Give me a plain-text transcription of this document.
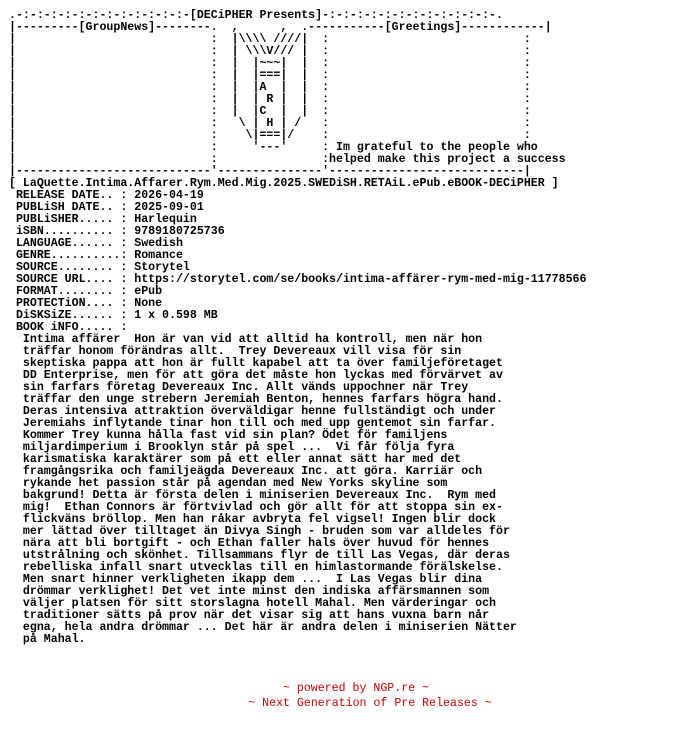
.-:-:-:-:-:-:-:-:-:-:-:-:-[DECiPHER Presents]-:-:-:-:-:-:-:-:-:-:-:-:-.
|---------[GroupNews]--------.  ,      ,  .-----------[Greetings]------------|
|                            :  |\\\\ ////|  :                            :
|                            :  | \\\V/// |  :                            :
|                            :  |  |~~~|  |  :                            :
|                            :  |  |===|  |  :                            :
|                            :  |  |A  |  |  :                            :
|                            :  |  | R |  |  :                            :
|                            :  |  |C  |  |  :                            :
|                            :   \ | H | /   :                            :
|                            :    \|===|/    :                            :
|                            :     '---'     : Im grateful to the people who
|                            :               :helped make this project a success
|----------------------------'---------------'----------------------------|
[ LaQuette.Intima.Affarer.Rym.Med.Mig.2025.SWEDiSH.RETAiL.ePub.eBOOK-DECiPHER ]
RELEASE DATE.. : 2026-04-19
PUBLiSH DATE.. : 2025-09-01
PUBLiSHER..... : Harlequin
iSBN.......... : 9789180725736
LANGUAGE...... : Swedish
GENRE..........: Romance
SOURCE........ : Storytel
SOURCE URL.... : https://storytel.com/se/books/intima-affärer-rym-med-mig-11778566
FORMAT........ : ePub
PROTECTiON.... : None
DiSKSiZE...... : 1 x 0.598 MB
BOOK iNFO..... :
Intima affärer  Hon är van vid att alltid ha kontroll, men när hon
träffar honom förändras allt.  Trey Devereaux vill visa för sin
skeptiska pappa att hon är fullt kapabel att ta över familjeföretaget
DD Enterprise, men för att göra det måste hon lyckas med förvärvet av
sin farfars företag Devereaux Inc. Allt vänds uppochner när Trey
träffar den unge strebern Jeremiah Benton, hennes farfars högra hand.
Deras intensiva attraktion överväldigar henne fullständigt och under
Jeremiahs inflytande tinar hon till och med upp gentemot sin farfar.
Kommer Trey kunna hålla fast vid sin plan? Ödet för familjens
miljardimperium i Brooklyn står på spel ...  Vi får följa fyra
karismatiska karaktärer som på ett eller annat sätt har med det
framgångsrika och familjeägda Devereaux Inc. att göra. Karriär och
rykande het passion står på agendan med New Yorks skyline som
bakgrund! Detta är första delen i miniserien Devereaux Inc.  Rym med
mig!  Ethan Connors är förtvivlad och gör allt för att stoppa sin ex-
flickväns bröllop. Men han råkar avbryta fel vigsel! Ingen blir dock
mer lättad över tilltaget än Divya Singh - bruden som var alldeles för
nära att bli bortgift - och Ethan faller hals över huvud för hennes
utstrålning och skönhet. Tillsammans flyr de till Las Vegas, där deras
rebelliska infall snart utvecklas till en himlastormande förälskelse.
Men snart hinner verkligheten ikapp dem ...  I Las Vegas blir dina
drömmar verklighet! Det vet inte minst den indiska affärsmannen som
väljer platsen för sitt storslagna hotell Mahal. Men värderingar och
traditioner sätts på prov när det visar sig att hans vuxna barn når
egna, hela andra drömmar ... Det här är andra delen i miniserien Nätter
på Mahal.
~ powered by NGP.re ~
~ Next Generation of Pre Releases ~
